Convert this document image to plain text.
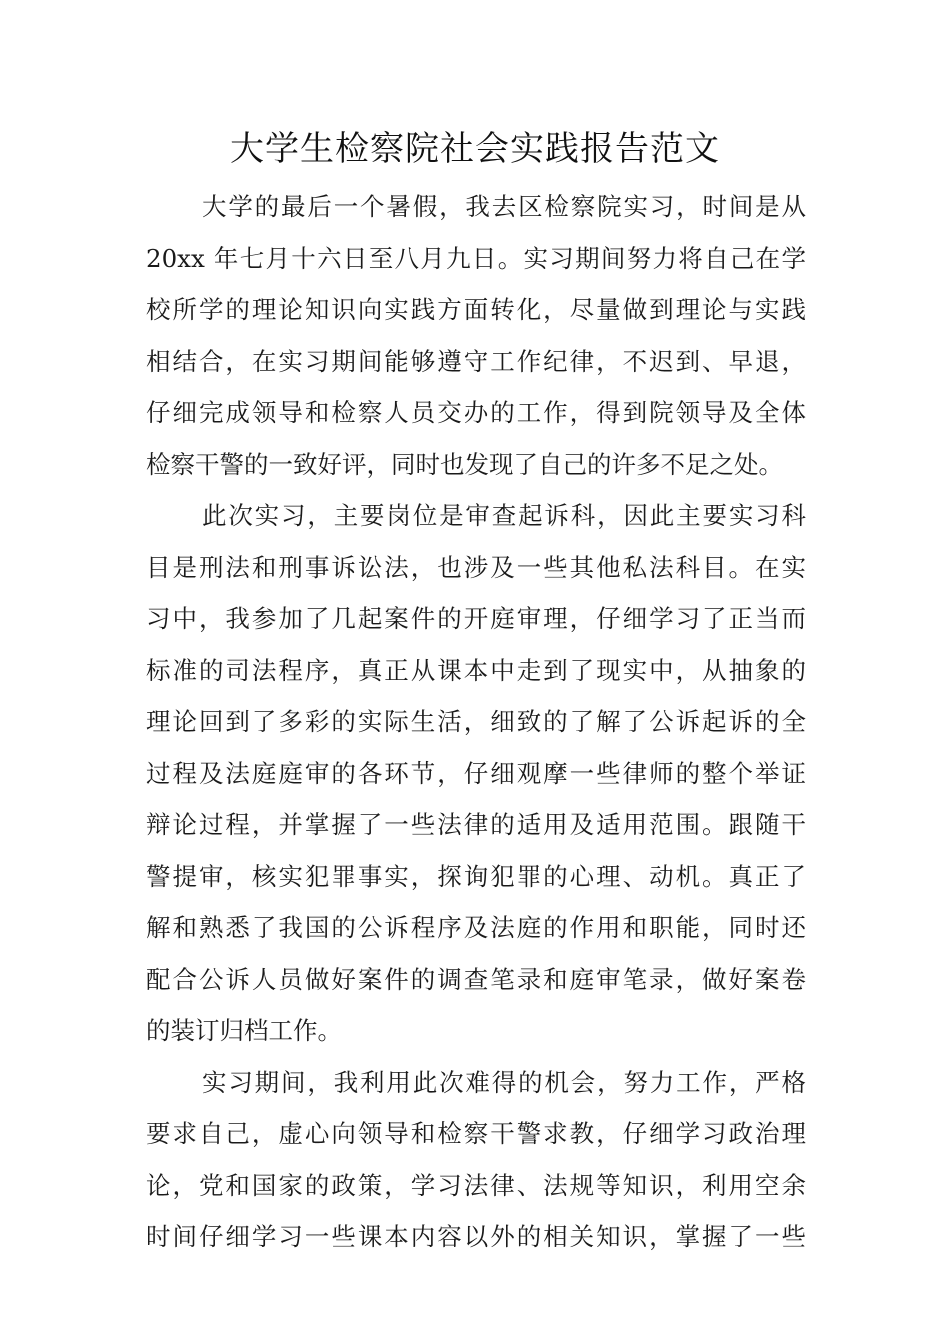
大学生检察院社会实践报告范文
大学的最后一个暑假，我去区检察院实习，时间是从
20xx 年七月十六日至八月九日。实习期间努力将自己在学
校所学的理论知识向实践方面转化，尽量做到理论与实践
相结合，在实习期间能够遵守工作纪律，不迟到、早退，
仔细完成领导和检察人员交办的工作，得到院领导及全体
检察干警的一致好评，同时也发现了自己的许多不足之处。
此次实习，主要岗位是审查起诉科，因此主要实习科
目是刑法和刑事诉讼法，也涉及一些其他私法科目。在实
习中，我参加了几起案件的开庭审理，仔细学习了正当而
标准的司法程序，真正从课本中走到了现实中，从抽象的
理论回到了多彩的实际生活，细致的了解了公诉起诉的全
过程及法庭庭审的各环节，仔细观摩一些律师的整个举证
辩论过程，并掌握了一些法律的适用及适用范围。跟随干
警提审，核实犯罪事实，探询犯罪的心理、动机。真正了
解和熟悉了我国的公诉程序及法庭的作用和职能，同时还
配合公诉人员做好案件的调查笔录和庭审笔录，做好案卷
的装订归档工作。
实习期间，我利用此次难得的机会，努力工作，严格
要求自己，虚心向领导和检察干警求教，仔细学习政治理
论，党和国家的政策，学习法律、法规等知识，利用空余
时间仔细学习一些课本内容以外的相关知识，掌握了一些
